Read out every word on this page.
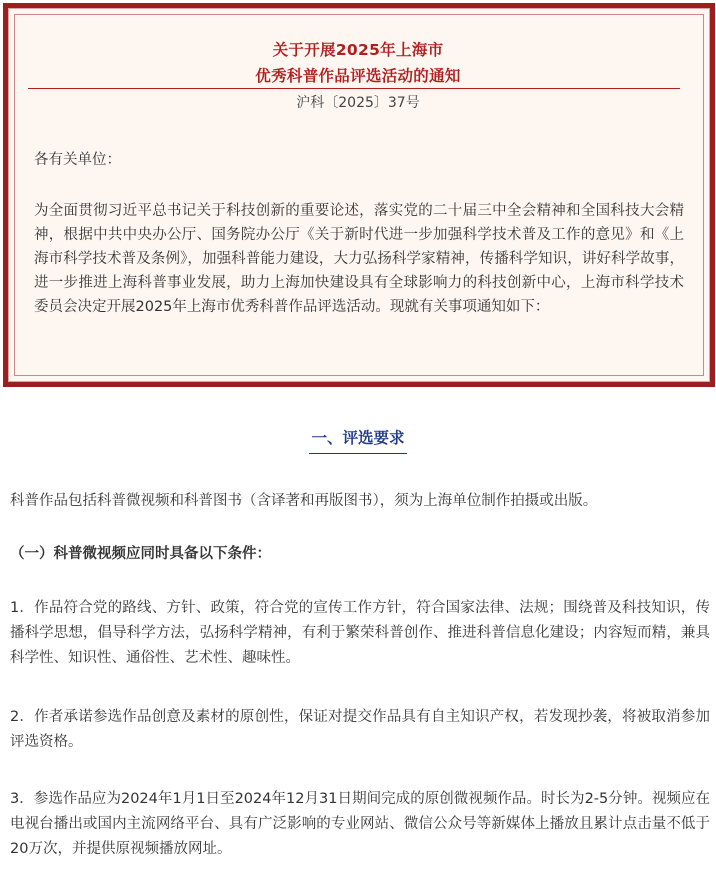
关于开展2025年上海市
优秀科普作品评选活动的通知
沪科〔2025〕37号
各有关单位：
为全面贯彻习近平总书记关于科技创新的重要论述，落实党的二十届三中全会精神和全国科技大会精神，根据中共中央办公厅、国务院办公厅《关于新时代进一步加强科学技术普及工作的意见》和《上海市科学技术普及条例》，加强科普能力建设，大力弘扬科学家精神，传播科学知识，讲好科学故事，进一步推进上海科普事业发展，助力上海加快建设具有全球影响力的科技创新中心，上海市科学技术委员会决定开展2025年上海市优秀科普作品评选活动。现就有关事项通知如下：
一、评选要求
科普作品包括科普微视频和科普图书（含译著和再版图书），须为上海单位制作拍摄或出版。
（一）科普微视频应同时具备以下条件：
1．作品符合党的路线、方针、政策，符合党的宣传工作方针，符合国家法律、法规；围绕普及科技知识，传播科学思想，倡导科学方法，弘扬科学精神，有利于繁荣科普创作、推进科普信息化建设；内容短而精，兼具科学性、知识性、通俗性、艺术性、趣味性。
2．作者承诺参选作品创意及素材的原创性，保证对提交作品具有自主知识产权，若发现抄袭，将被取消参加评选资格。
3．参选作品应为2024年1月1日至2024年12月31日期间完成的原创微视频作品。时长为2-5分钟。视频应在电视台播出或国内主流网络平台、具有广泛影响的专业网站、微信公众号等新媒体上播放且累计点击量不低于20万次，并提供原视频播放网址。
